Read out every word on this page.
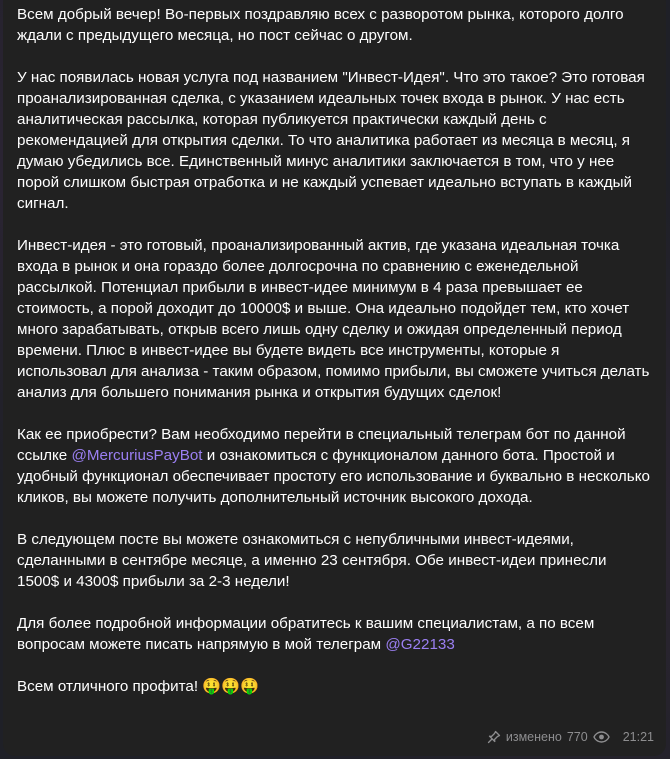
Всем добрый вечер! Во-первых поздравляю всех с разворотом рынка, которого долго ждали с предыдущего месяца, но пост сейчас о другом.
У нас появилась новая услуга под названием "Инвест-Идея". Что это такое? Это готовая проанализированная сделка, с указанием идеальных точек входа в рынок. У нас есть аналитическая рассылка, которая публикуется практически каждый день с рекомендацией для открытия сделки. То что аналитика работает из месяца в месяц, я думаю убедились все. Единственный минус аналитики заключается в том, что у нее порой слишком быстрая отработка и не каждый успевает идеально вступать в каждый сигнал.
Инвест-идея - это готовый, проанализированный актив, где указана идеальная точка входа в рынок и она гораздо более долгосрочна по сравнению с еженедельной рассылкой. Потенциал прибыли в инвест-идее минимум в 4 раза превышает ее стоимость, а порой доходит до 10000$ и выше. Она идеально подойдет тем, кто хочет много зарабатывать, открыв всего лишь одну сделку и ожидая определенный период времени. Плюс в инвест-идее вы будете видеть все инструменты, которые я использовал для анализа - таким образом, помимо прибыли, вы сможете учиться делать анализ для большего понимания рынка и открытия будущих сделок!
Как ее приобрести? Вам необходимо перейти в специальный телеграм бот по данной ссылке @MercuriusPayBot и ознакомиться с функционалом данного бота. Простой и удобный функционал обеспечивает простоту его использование и буквально в несколько кликов, вы можете получить дополнительный источник высокого дохода.
В следующем посте вы можете ознакомиться с непубличными инвест-идеями, сделанными в сентябре месяце, а именно 23 сентября. Обе инвест-идеи принесли 1500$ и 4300$ прибыли за 2-3 недели!
Для более подробной информации обратитесь к вашим специалистам, а по всем вопросам можете писать напрямую в мой телеграм @G22133
Всем отличного профита! 🤑🤑🤑
изменено 770	21:21
